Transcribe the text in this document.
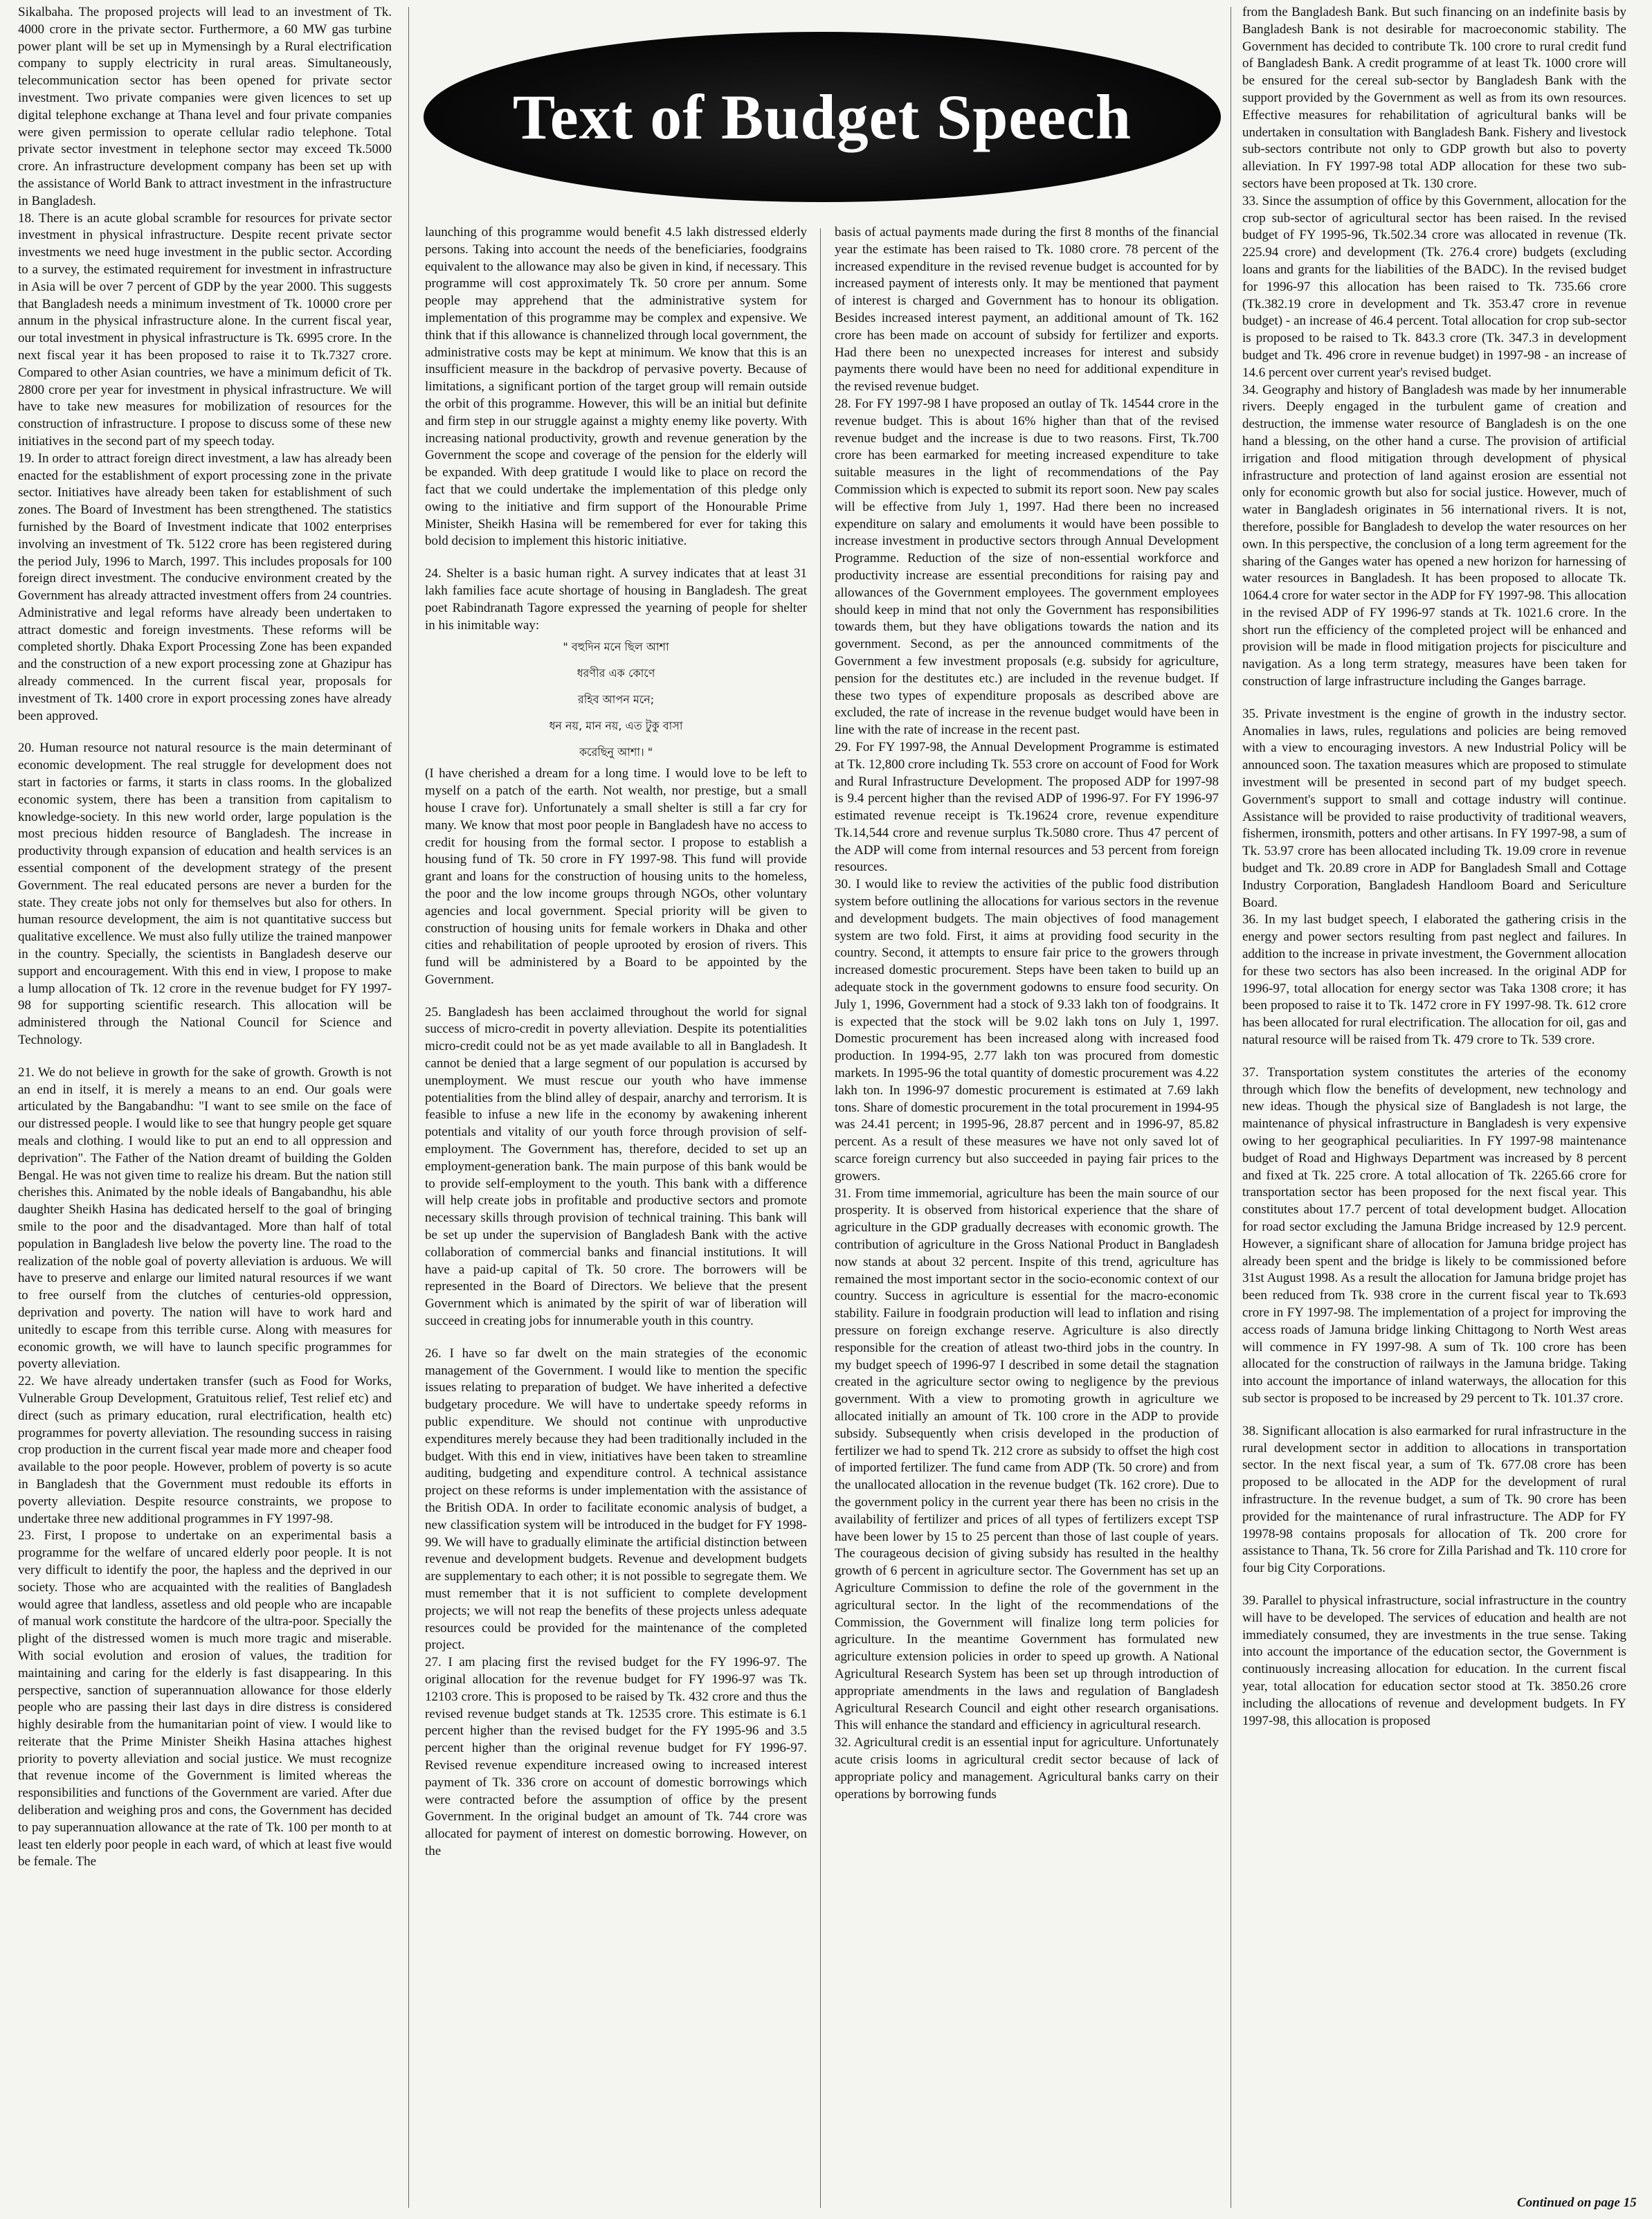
Text of Budget Speech

Sikalbaha. The proposed projects will lead to an investment of Tk. 4000 crore in the private sector. Furthermore, a 60 MW gas turbine power plant will be set up in Mymensingh by a Rural electrification company to supply electricity in rural areas. Simultaneously, telecommunication sector has been opened for private sector investment. Two private companies were given licences to set up digital telephone exchange at Thana level and four private companies were given permission to operate cellular radio telephone. Total private sector investment in telephone sector may exceed Tk.5000 crore. An infrastructure development company has been set up with the assistance of World Bank to attract investment in the infrastructure in Bangladesh.

18. There is an acute global scramble for resources for private sector investment in physical infrastructure. Despite recent private sector investments we need huge investment in the public sector. According to a survey, the estimated requirement for investment in infrastructure in Asia will be over 7 percent of GDP by the year 2000. This suggests that Bangladesh needs a minimum investment of Tk. 10000 crore per annum in the physical infrastructure alone. In the current fiscal year, our total investment in physical infrastructure is Tk. 6995 crore. In the next fiscal year it has been proposed to raise it to Tk.7327 crore. Compared to other Asian countries, we have a minimum deficit of Tk. 2800 crore per year for investment in physical infrastructure. We will have to take new measures for mobilization of resources for the construction of infrastructure. I propose to discuss some of these new initiatives in the second part of my speech today.

19. In order to attract foreign direct investment, a law has already been enacted for the establishment of export processing zone in the private sector. Initiatives have already been taken for establishment of such zones. The Board of Investment has been strengthened. The statistics furnished by the Board of Investment indicate that 1002 enterprises involving an investment of Tk. 5122 crore has been registered during the period July, 1996 to March, 1997. This includes proposals for 100 foreign direct investment. The conducive environment created by the Government has already attracted investment offers from 24 countries. Administrative and legal reforms have already been undertaken to attract domestic and foreign investments. These reforms will be completed shortly. Dhaka Export Processing Zone has been expanded and the construction of a new export processing zone at Ghazipur has already commenced. In the current fiscal year, proposals for investment of Tk. 1400 crore in export processing zones have already been approved.

20. Human resource not natural resource is the main determinant of economic development. The real struggle for development does not start in factories or farms, it starts in class rooms. In the globalized economic system, there has been a transition from capitalism to knowledge-society. In this new world order, large population is the most precious hidden resource of Bangladesh. The increase in productivity through expansion of education and health services is an essential component of the development strategy of the present Government. The real educated persons are never a burden for the state. They create jobs not only for themselves but also for others. In human resource development, the aim is not quantitative success but qualitative excellence. We must also fully utilize the trained manpower in the country. Specially, the scientists in Bangladesh deserve our support and encouragement. With this end in view, I propose to make a lump allocation of Tk. 12 crore in the revenue budget for FY 1997-98 for supporting scientific research. This allocation will be administered through the National Council for Science and Technology.

21. We do not believe in growth for the sake of growth. Growth is not an end in itself, it is merely a means to an end. Our goals were articulated by the Bangabandhu: "I want to see smile on the face of our distressed people. I would like to see that hungry people get square meals and clothing. I would like to put an end to all oppression and deprivation". The Father of the Nation dreamt of building the Golden Bengal. He was not given time to realize his dream. But the nation still cherishes this. Animated by the noble ideals of Bangabandhu, his able daughter Sheikh Hasina has dedicated herself to the goal of bringing smile to the poor and the disadvantaged. More than half of total population in Bangladesh live below the poverty line. The road to the realization of the noble goal of poverty alleviation is arduous. We will have to preserve and enlarge our limited natural resources if we want to free ourself from the clutches of centuries-old oppression, deprivation and poverty. The nation will have to work hard and unitedly to escape from this terrible curse. Along with measures for economic growth, we will have to launch specific programmes for poverty alleviation.

22. We have already undertaken transfer (such as Food for Works, Vulnerable Group Development, Gratuitous relief, Test relief etc) and direct (such as primary education, rural electrification, health etc) programmes for poverty alleviation. The resounding success in raising crop production in the current fiscal year made more and cheaper food available to the poor people. However, problem of poverty is so acute in Bangladesh that the Government must redouble its efforts in poverty alleviation. Despite resource constraints, we propose to undertake three new additional programmes in FY 1997-98.

23. First, I propose to undertake on an experimental basis a programme for the welfare of uncared elderly poor people. It is not very difficult to identify the poor, the hapless and the deprived in our society. Those who are acquainted with the realities of Bangladesh would agree that landless, assetless and old people who are incapable of manual work constitute the hardcore of the ultra-poor. Specially the plight of the distressed women is much more tragic and miserable. With social evolution and erosion of values, the tradition for maintaining and caring for the elderly is fast disappearing. In this perspective, sanction of superannuation allowance for those elderly people who are passing their last days in dire distress is considered highly desirable from the humanitarian point of view. I would like to reiterate that the Prime Minister Sheikh Hasina attaches highest priority to poverty alleviation and social justice. We must recognize that revenue income of the Government is limited whereas the responsibilities and functions of the Government are varied. After due deliberation and weighing pros and cons, the Government has decided to pay superannuation allowance at the rate of Tk. 100 per month to at least ten elderly poor people in each ward, of which at least five would be female. The

launching of this programme would benefit 4.5 lakh distressed elderly persons. Taking into account the needs of the beneficiaries, foodgrains equivalent to the allowance may also be given in kind, if necessary. This programme will cost approximately Tk. 50 crore per annum. Some people may apprehend that the administrative system for implementation of this programme may be complex and expensive. We think that if this allowance is channelized through local government, the administrative costs may be kept at minimum. We know that this is an insufficient measure in the backdrop of pervasive poverty. Because of limitations, a significant portion of the target group will remain outside the orbit of this programme. However, this will be an initial but definite and firm step in our struggle against a mighty enemy like poverty. With increasing national productivity, growth and revenue generation by the Government the scope and coverage of the pension for the elderly will be expanded. With deep gratitude I would like to place on record the fact that we could undertake the implementation of this pledge only owing to the initiative and firm support of the Honourable Prime Minister, Sheikh Hasina will be remembered for ever for taking this bold decision to implement this historic initiative.

24. Shelter is a basic human right. A survey indicates that at least 31 lakh families face acute shortage of housing in Bangladesh. The great poet Rabindranath Tagore expressed the yearning of people for shelter in his inimitable way:

" বহুদিন মনে ছিল আশা
ধরণীর এক কোণে
রহিব আপন মনে;
ধন নয়, মান নয়, এত টুকু বাসা
করেছিনু আশা। "

(I have cherished a dream for a long time. I would love to be left to myself on a patch of the earth. Not wealth, nor prestige, but a small house I crave for). Unfortunately a small shelter is still a far cry for many. We know that most poor people in Bangladesh have no access to credit for housing from the formal sector. I propose to establish a housing fund of Tk. 50 crore in FY 1997-98. This fund will provide grant and loans for the construction of housing units to the homeless, the poor and the low income groups through NGOs, other voluntary agencies and local government. Special priority will be given to construction of housing units for female workers in Dhaka and other cities and rehabilitation of people uprooted by erosion of rivers. This fund will be administered by a Board to be appointed by the Government.

25. Bangladesh has been acclaimed throughout the world for signal success of micro-credit in poverty alleviation. Despite its potentialities micro-credit could not be as yet made available to all in Bangladesh. It cannot be denied that a large segment of our population is accursed by unemployment. We must rescue our youth who have immense potentialities from the blind alley of despair, anarchy and terrorism. It is feasible to infuse a new life in the economy by awakening inherent potentials and vitality of our youth force through provision of self-employment. The Government has, therefore, decided to set up an employment-generation bank. The main purpose of this bank would be to provide self-employment to the youth. This bank with a difference will help create jobs in profitable and productive sectors and promote necessary skills through provision of technical training. This bank will be set up under the supervision of Bangladesh Bank with the active collaboration of commercial banks and financial institutions. It will have a paid-up capital of Tk. 50 crore. The borrowers will be represented in the Board of Directors. We believe that the present Government which is animated by the spirit of war of liberation will succeed in creating jobs for innumerable youth in this country.

26. I have so far dwelt on the main strategies of the economic management of the Government. I would like to mention the specific issues relating to preparation of budget. We have inherited a defective budgetary procedure. We will have to undertake speedy reforms in public expenditure. We should not continue with unproductive expenditures merely because they had been traditionally included in the budget. With this end in view, initiatives have been taken to streamline auditing, budgeting and expenditure control. A technical assistance project on these reforms is under implementation with the assistance of the British ODA. In order to facilitate economic analysis of budget, a new classification system will be introduced in the budget for FY 1998-99. We will have to gradually eliminate the artificial distinction between revenue and development budgets. Revenue and development budgets are supplementary to each other; it is not possible to segregate them. We must remember that it is not sufficient to complete development projects; we will not reap the benefits of these projects unless adequate resources could be provided for the maintenance of the completed project.

27. I am placing first the revised budget for the FY 1996-97. The original allocation for the revenue budget for FY 1996-97 was Tk. 12103 crore. This is proposed to be raised by Tk. 432 crore and thus the revised revenue budget stands at Tk. 12535 crore. This estimate is 6.1 percent higher than the revised budget for the FY 1995-96 and 3.5 percent higher than the original revenue budget for FY 1996-97. Revised revenue expenditure increased owing to increased interest payment of Tk. 336 crore on account of domestic borrowings which were contracted before the assumption of office by the present Government. In the original budget an amount of Tk. 744 crore was allocated for payment of interest on domestic borrowing. However, on the

basis of actual payments made during the first 8 months of the financial year the estimate has been raised to Tk. 1080 crore. 78 percent of the increased expenditure in the revised revenue budget is accounted for by increased payment of interests only. It may be mentioned that payment of interest is charged and Government has to honour its obligation. Besides increased interest payment, an additional amount of Tk. 162 crore has been made on account of subsidy for fertilizer and exports. Had there been no unexpected increases for interest and subsidy payments there would have been no need for additional expenditure in the revised revenue budget.

28. For FY 1997-98 I have proposed an outlay of Tk. 14544 crore in the revenue budget. This is about 16% higher than that of the revised revenue budget and the increase is due to two reasons. First, Tk.700 crore has been earmarked for meeting increased expenditure to take suitable measures in the light of recommendations of the Pay Commission which is expected to submit its report soon. New pay scales will be effective from July 1, 1997. Had there been no increased expenditure on salary and emoluments it would have been possible to increase investment in productive sectors through Annual Development Programme. Reduction of the size of non-essential workforce and productivity increase are essential preconditions for raising pay and allowances of the Government employees. The government employees should keep in mind that not only the Government has responsibilities towards them, but they have obligations towards the nation and its government. Second, as per the announced commitments of the Government a few investment proposals (e.g. subsidy for agriculture, pension for the destitutes etc.) are included in the revenue budget. If these two types of expenditure proposals as described above are excluded, the rate of increase in the revenue budget would have been in line with the rate of increase in the recent past.

29. For FY 1997-98, the Annual Development Programme is estimated at Tk. 12,800 crore including Tk. 553 crore on account of Food for Work and Rural Infrastructure Development. The proposed ADP for 1997-98 is 9.4 percent higher than the revised ADP of 1996-97. For FY 1996-97 estimated revenue receipt is Tk.19624 crore, revenue expenditure Tk.14,544 crore and revenue surplus Tk.5080 crore. Thus 47 percent of the ADP will come from internal resources and 53 percent from foreign resources.

30. I would like to review the activities of the public food distribution system before outlining the allocations for various sectors in the revenue and development budgets. The main objectives of food management system are two fold. First, it aims at providing food security in the country. Second, it attempts to ensure fair price to the growers through increased domestic procurement. Steps have been taken to build up an adequate stock in the government godowns to ensure food security. On July 1, 1996, Government had a stock of 9.33 lakh ton of foodgrains. It is expected that the stock will be 9.02 lakh tons on July 1, 1997. Domestic procurement has been increased along with increased food production. In 1994-95, 2.77 lakh ton was procured from domestic markets. In 1995-96 the total quantity of domestic procurement was 4.22 lakh ton. In 1996-97 domestic procurement is estimated at 7.69 lakh tons. Share of domestic procurement in the total procurement in 1994-95 was 24.41 percent; in 1995-96, 28.87 percent and in 1996-97, 85.82 percent. As a result of these measures we have not only saved lot of scarce foreign currency but also succeeded in paying fair prices to the growers.

31. From time immemorial, agriculture has been the main source of our prosperity. It is observed from historical experience that the share of agriculture in the GDP gradually decreases with economic growth. The contribution of agriculture in the Gross National Product in Bangladesh now stands at about 32 percent. Inspite of this trend, agriculture has remained the most important sector in the socio-economic context of our country. Success in agriculture is essential for the macro-economic stability. Failure in foodgrain production will lead to inflation and rising pressure on foreign exchange reserve. Agriculture is also directly responsible for the creation of atleast two-third jobs in the country. In my budget speech of 1996-97 I described in some detail the stagnation created in the agriculture sector owing to negligence by the previous government. With a view to promoting growth in agriculture we allocated initially an amount of Tk. 100 crore in the ADP to provide subsidy. Subsequently when crisis developed in the production of fertilizer we had to spend Tk. 212 crore as subsidy to offset the high cost of imported fertilizer. The fund came from ADP (Tk. 50 crore) and from the unallocated allocation in the revenue budget (Tk. 162 crore). Due to the government policy in the current year there has been no crisis in the availability of fertilizer and prices of all types of fertilizers except TSP have been lower by 15 to 25 percent than those of last couple of years. The courageous decision of giving subsidy has resulted in the healthy growth of 6 percent in agriculture sector. The Government has set up an Agriculture Commission to define the role of the government in the agricultural sector. In the light of the recommendations of the Commission, the Government will finalize long term policies for agriculture. In the meantime Government has formulated new agriculture extension policies in order to speed up growth. A National Agricultural Research System has been set up through introduction of appropriate amendments in the laws and regulation of Bangladesh Agricultural Research Council and eight other research organisations. This will enhance the standard and efficiency in agricultural research.

32. Agricultural credit is an essential input for agriculture. Unfortunately acute crisis looms in agricultural credit sector because of lack of appropriate policy and management. Agricultural banks carry on their operations by borrowing funds

from the Bangladesh Bank. But such financing on an indefinite basis by Bangladesh Bank is not desirable for macroeconomic stability. The Government has decided to contribute Tk. 100 crore to rural credit fund of Bangladesh Bank. A credit programme of at least Tk. 1000 crore will be ensured for the cereal sub-sector by Bangladesh Bank with the support provided by the Government as well as from its own resources. Effective measures for rehabilitation of agricultural banks will be undertaken in consultation with Bangladesh Bank. Fishery and livestock sub-sectors contribute not only to GDP growth but also to poverty alleviation. In FY 1997-98 total ADP allocation for these two sub-sectors have been proposed at Tk. 130 crore.

33. Since the assumption of office by this Government, allocation for the crop sub-sector of agricultural sector has been raised. In the revised budget of FY 1995-96, Tk.502.34 crore was allocated in revenue (Tk. 225.94 crore) and development (Tk. 276.4 crore) budgets (excluding loans and grants for the liabilities of the BADC). In the revised budget for 1996-97 this allocation has been raised to Tk. 735.66 crore (Tk.382.19 crore in development and Tk. 353.47 crore in revenue budget) - an increase of 46.4 percent. Total allocation for crop sub-sector is proposed to be raised to Tk. 843.3 crore (Tk. 347.3 in development budget and Tk. 496 crore in revenue budget) in 1997-98 - an increase of 14.6 percent over current year's revised budget.

34. Geography and history of Bangladesh was made by her innumerable rivers. Deeply engaged in the turbulent game of creation and destruction, the immense water resource of Bangladesh is on the one hand a blessing, on the other hand a curse. The provision of artificial irrigation and flood mitigation through development of physical infrastructure and protection of land against erosion are essential not only for economic growth but also for social justice. However, much of water in Bangladesh originates in 56 international rivers. It is not, therefore, possible for Bangladesh to develop the water resources on her own. In this perspective, the conclusion of a long term agreement for the sharing of the Ganges water has opened a new horizon for harnessing of water resources in Bangladesh. It has been proposed to allocate Tk. 1064.4 crore for water sector in the ADP for FY 1997-98. This allocation in the revised ADP of FY 1996-97 stands at Tk. 1021.6 crore. In the short run the efficiency of the completed project will be enhanced and provision will be made in flood mitigation projects for pisciculture and navigation. As a long term strategy, measures have been taken for construction of large infrastructure including the Ganges barrage.

35. Private investment is the engine of growth in the industry sector. Anomalies in laws, rules, regulations and policies are being removed with a view to encouraging investors. A new Industrial Policy will be announced soon. The taxation measures which are proposed to stimulate investment will be presented in second part of my budget speech. Government's support to small and cottage industry will continue. Assistance will be provided to raise productivity of traditional weavers, fishermen, ironsmith, potters and other artisans. In FY 1997-98, a sum of Tk. 53.97 crore has been allocated including Tk. 19.09 crore in revenue budget and Tk. 20.89 crore in ADP for Bangladesh Small and Cottage Industry Corporation, Bangladesh Handloom Board and Sericulture Board.

36. In my last budget speech, I elaborated the gathering crisis in the energy and power sectors resulting from past neglect and failures. In addition to the increase in private investment, the Government allocation for these two sectors has also been increased. In the original ADP for 1996-97, total allocation for energy sector was Taka 1308 crore; it has been proposed to raise it to Tk. 1472 crore in FY 1997-98. Tk. 612 crore has been allocated for rural electrification. The allocation for oil, gas and natural resource will be raised from Tk. 479 crore to Tk. 539 crore.

37. Transportation system constitutes the arteries of the economy through which flow the benefits of development, new technology and new ideas. Though the physical size of Bangladesh is not large, the maintenance of physical infrastructure in Bangladesh is very expensive owing to her geographical peculiarities. In FY 1997-98 maintenance budget of Road and Highways Department was increased by 8 percent and fixed at Tk. 225 crore. A total allocation of Tk. 2265.66 crore for transportation sector has been proposed for the next fiscal year. This constitutes about 17.7 percent of total development budget. Allocation for road sector excluding the Jamuna Bridge increased by 12.9 percent. However, a significant share of allocation for Jamuna bridge project has already been spent and the bridge is likely to be commissioned before 31st August 1998. As a result the allocation for Jamuna bridge projet has been reduced from Tk. 938 crore in the current fiscal year to Tk.693 crore in FY 1997-98. The implementation of a project for improving the access roads of Jamuna bridge linking Chittagong to North West areas will commence in FY 1997-98. A sum of Tk. 100 crore has been allocated for the construction of railways in the Jamuna bridge. Taking into account the importance of inland waterways, the allocation for this sub sector is proposed to be increased by 29 percent to Tk. 101.37 crore.

38. Significant allocation is also earmarked for rural infrastructure in the rural development sector in addition to allocations in transportation sector. In the next fiscal year, a sum of Tk. 677.08 crore has been proposed to be allocated in the ADP for the development of rural infrastructure. In the revenue budget, a sum of Tk. 90 crore has been provided for the maintenance of rural infrastructure. The ADP for FY 19978-98 contains proposals for allocation of Tk. 200 crore for assistance to Thana, Tk. 56 crore for Zilla Parishad and Tk. 110 crore for four big City Corporations.

39. Parallel to physical infrastructure, social infrastructure in the country will have to be developed. The services of education and health are not immediately consumed, they are investments in the true sense. Taking into account the importance of the education sector, the Government is continuously increasing allocation for education. In the current fiscal year, total allocation for education sector stood at Tk. 3850.26 crore including the allocations of revenue and development budgets. In FY 1997-98, this allocation is proposed

Continued on page 15
